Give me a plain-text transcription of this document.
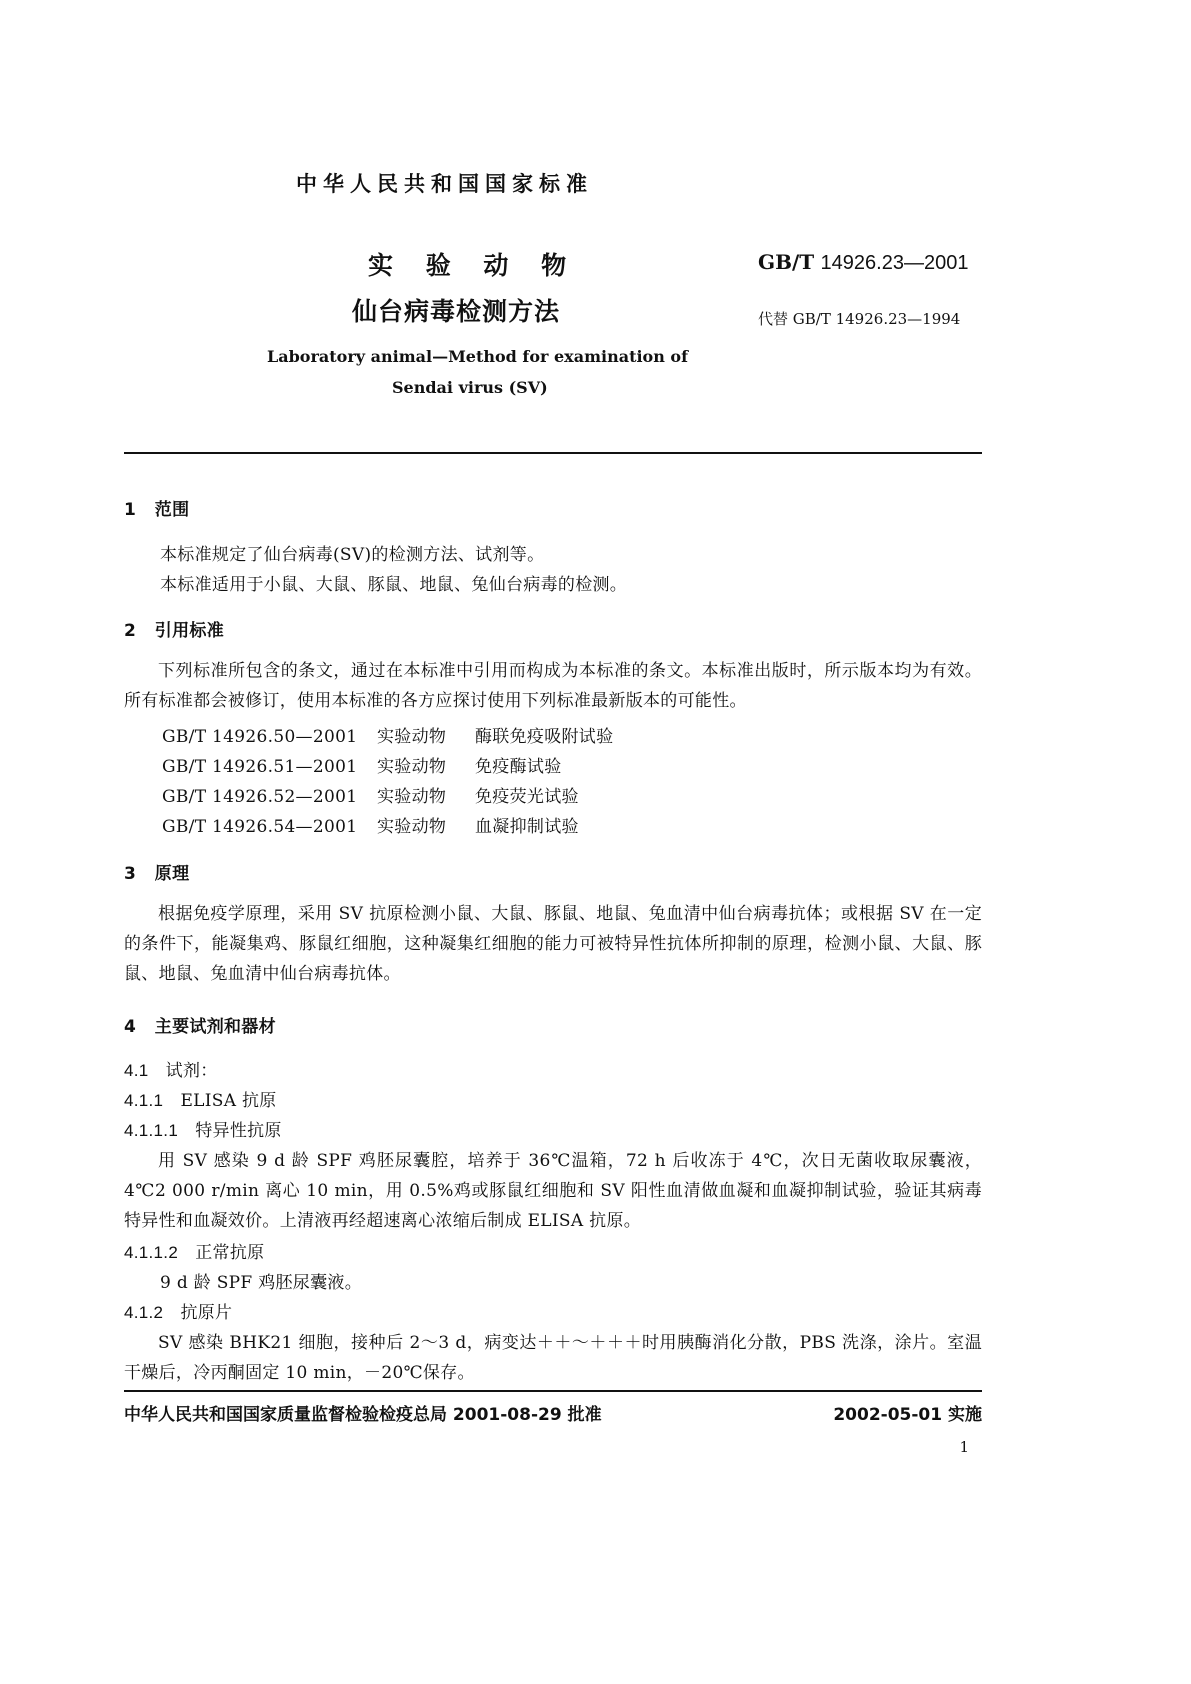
中华人民共和国国家标准
实 验 动 物
仙台病毒检测方法
GB/T 14926.23—2001
代替 GB/T 14926.23—1994
Laboratory animal—Method for examination of
Sendai virus (SV)
1 范围
本标准规定了仙台病毒(SV)的检测方法、试剂等。
本标准适用于小鼠、大鼠、豚鼠、地鼠、兔仙台病毒的检测。
2 引用标准
下列标准所包含的条文，通过在本标准中引用而构成为本标准的条文。本标准出版时，所示版本均为有效。所有标准都会被修订，使用本标准的各方应探讨使用下列标准最新版本的可能性。
GB/T 14926.50—2001 实验动物 酶联免疫吸附试验
GB/T 14926.51—2001 实验动物 免疫酶试验
GB/T 14926.52—2001 实验动物 免疫荧光试验
GB/T 14926.54—2001 实验动物 血凝抑制试验
3 原理
根据免疫学原理，采用 SV 抗原检测小鼠、大鼠、豚鼠、地鼠、兔血清中仙台病毒抗体；或根据 SV 在一定的条件下，能凝集鸡、豚鼠红细胞，这种凝集红细胞的能力可被特异性抗体所抑制的原理，检测小鼠、大鼠、豚鼠、地鼠、兔血清中仙台病毒抗体。
4 主要试剂和器材
4.1 试剂：
4.1.1 ELISA 抗原
4.1.1.1 特异性抗原
用 SV 感染 9 d 龄 SPF 鸡胚尿囊腔，培养于 36℃温箱，72 h 后收冻于 4℃，次日无菌收取尿囊液，4℃2 000 r/min 离心 10 min，用 0.5%鸡或豚鼠红细胞和 SV 阳性血清做血凝和血凝抑制试验，验证其病毒特异性和血凝效价。上清液再经超速离心浓缩后制成 ELISA 抗原。
4.1.1.2 正常抗原
9 d 龄 SPF 鸡胚尿囊液。
4.1.2 抗原片
SV 感染 BHK21 细胞，接种后 2～3 d，病变达＋＋～＋＋＋时用胰酶消化分散，PBS 洗涤，涂片。室温干燥后，冷丙酮固定 10 min，－20℃保存。
中华人民共和国国家质量监督检验检疫总局 2001-08-29 批准	2002-05-01 实施
1
